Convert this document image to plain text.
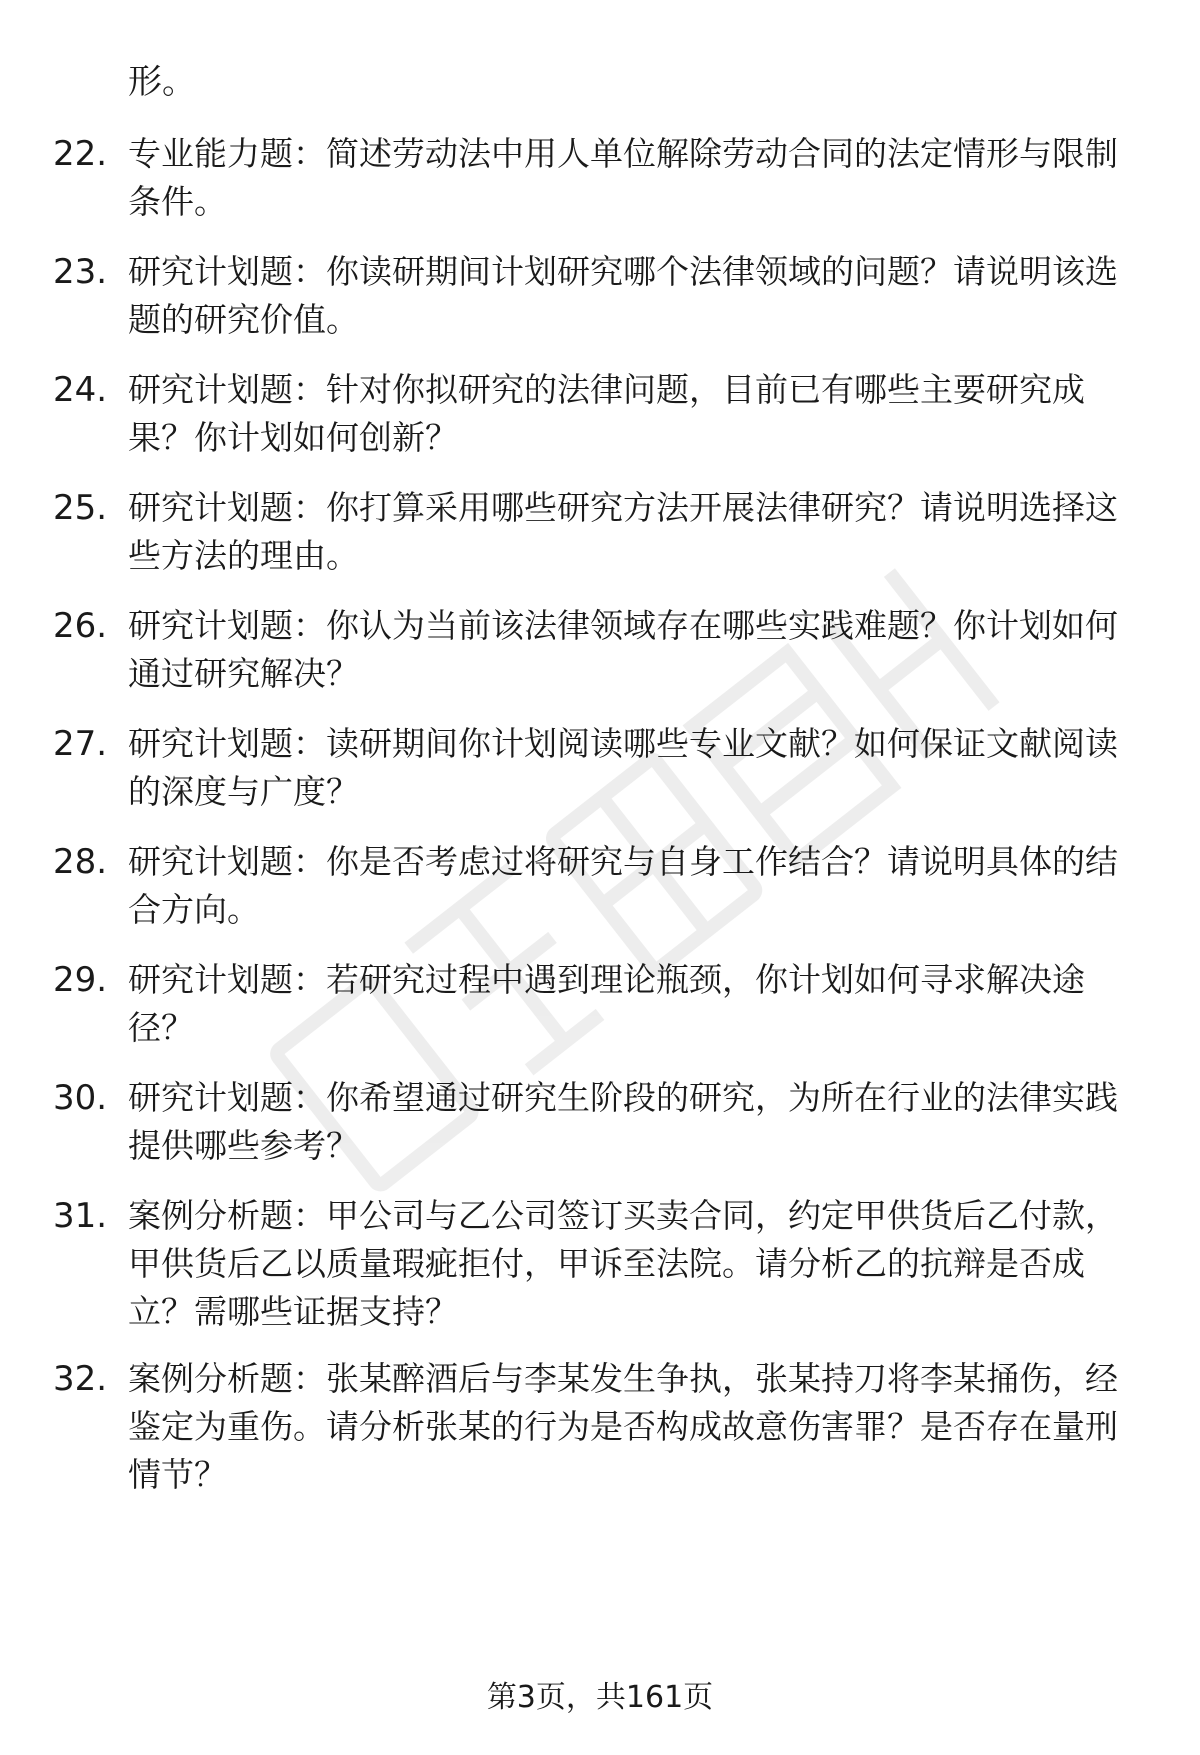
形。

22. 专业能力题：简述劳动法中用人单位解除劳动合同的法定情形与限制条件。

23. 研究计划题：你读研期间计划研究哪个法律领域的问题？请说明该选题的研究价值。

24. 研究计划题：针对你拟研究的法律问题，目前已有哪些主要研究成果？你计划如何创新？

25. 研究计划题：你打算采用哪些研究方法开展法律研究？请说明选择这些方法的理由。

26. 研究计划题：你认为当前该法律领域存在哪些实践难题？你计划如何通过研究解决？

27. 研究计划题：读研期间你计划阅读哪些专业文献？如何保证文献阅读的深度与广度？

28. 研究计划题：你是否考虑过将研究与自身工作结合？请说明具体的结合方向。

29. 研究计划题：若研究过程中遇到理论瓶颈，你计划如何寻求解决途径？

30. 研究计划题：你希望通过研究生阶段的研究，为所在行业的法律实践提供哪些参考？

31. 案例分析题：甲公司与乙公司签订买卖合同，约定甲供货后乙付款，甲供货后乙以质量瑕疵拒付，甲诉至法院。请分析乙的抗辩是否成立？需哪些证据支持？

32. 案例分析题：张某醉酒后与李某发生争执，张某持刀将李某捅伤，经鉴定为重伤。请分析张某的行为是否构成故意伤害罪？是否存在量刑情节？

第3页，共161页
